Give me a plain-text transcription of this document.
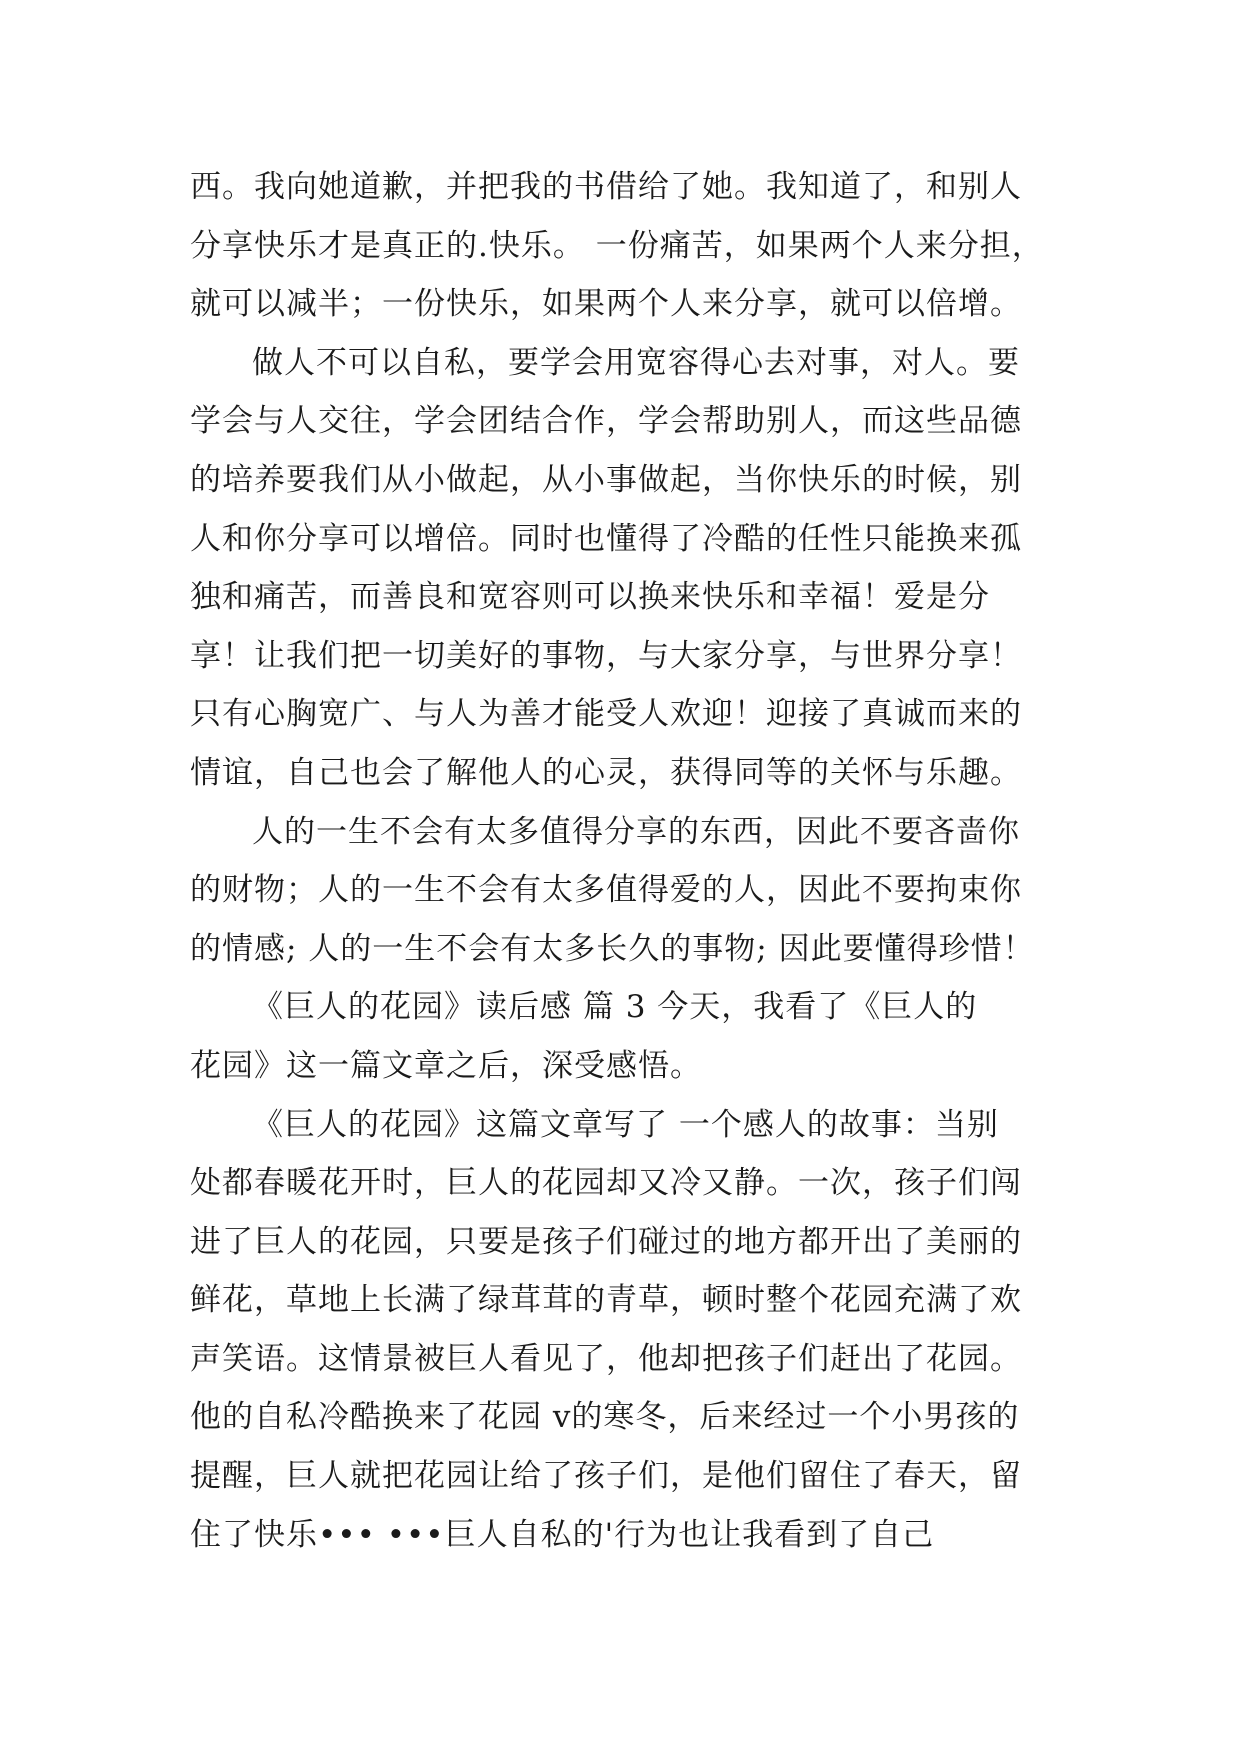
西。我向她道歉，并把我的书借给了她。我知道了，和别人
分享快乐才是真正的.快乐。 一份痛苦，如果两个人来分担，
就可以减半；一份快乐，如果两个人来分享，就可以倍增。
做人不可以自私，要学会用宽容得心去对事，对人。要
学会与人交往，学会团结合作，学会帮助别人，而这些品德
的培养要我们从小做起，从小事做起，当你快乐的时候，别
人和你分享可以增倍。同时也懂得了冷酷的任性只能换来孤
独和痛苦，而善良和宽容则可以换来快乐和幸福！爱是分
享！让我们把一切美好的事物，与大家分享，与世界分享！
只有心胸宽广、与人为善才能受人欢迎！迎接了真诚而来的
情谊，自己也会了解他人的心灵，获得同等的关怀与乐趣。
人的一生不会有太多值得分享的东西，因此不要吝啬你
的财物；人的一生不会有太多值得爱的人，因此不要拘束你
的情感; 人的一生不会有太多长久的事物; 因此要懂得珍惜！
《巨人的花园》读后感 篇 3 今天，我看了《巨人的
花园》这一篇文章之后，深受感悟。
《巨人的花园》这篇文章写了 一个感人的故事：当别
处都春暖花开时，巨人的花园却又冷又静。一次，孩子们闯
进了巨人的花园，只要是孩子们碰过的地方都开出了美丽的
鲜花，草地上长满了绿茸茸的青草，顿时整个花园充满了欢
声笑语。这情景被巨人看见了，他却把孩子们赶出了花园。
他的自私冷酷换来了花园 v的寒冬，后来经过一个小男孩的
提醒，巨人就把花园让给了孩子们，是他们留住了春天，留
住了快乐••• •••巨人自私的'行为也让我看到了自己
